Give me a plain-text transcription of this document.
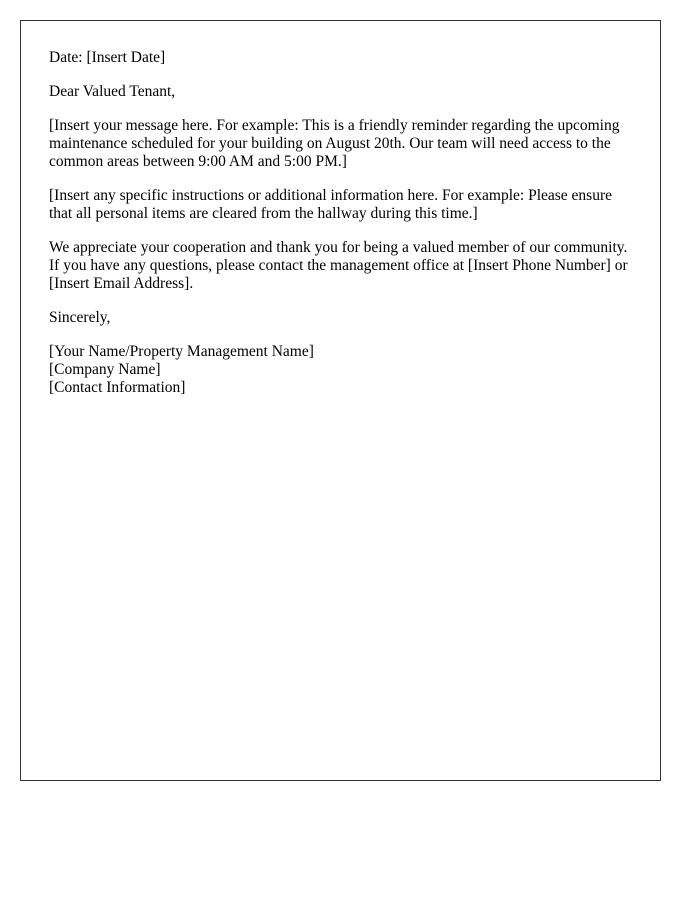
Date: [Insert Date]

Dear Valued Tenant,

[Insert your message here. For example: This is a friendly reminder regarding the upcoming maintenance scheduled for your building on August 20th. Our team will need access to the common areas between 9:00 AM and 5:00 PM.]

[Insert any specific instructions or additional information here. For example: Please ensure that all personal items are cleared from the hallway during this time.]

We appreciate your cooperation and thank you for being a valued member of our community. If you have any questions, please contact the management office at [Insert Phone Number] or [Insert Email Address].

Sincerely,

[Your Name/Property Management Name]
[Company Name]
[Contact Information]
